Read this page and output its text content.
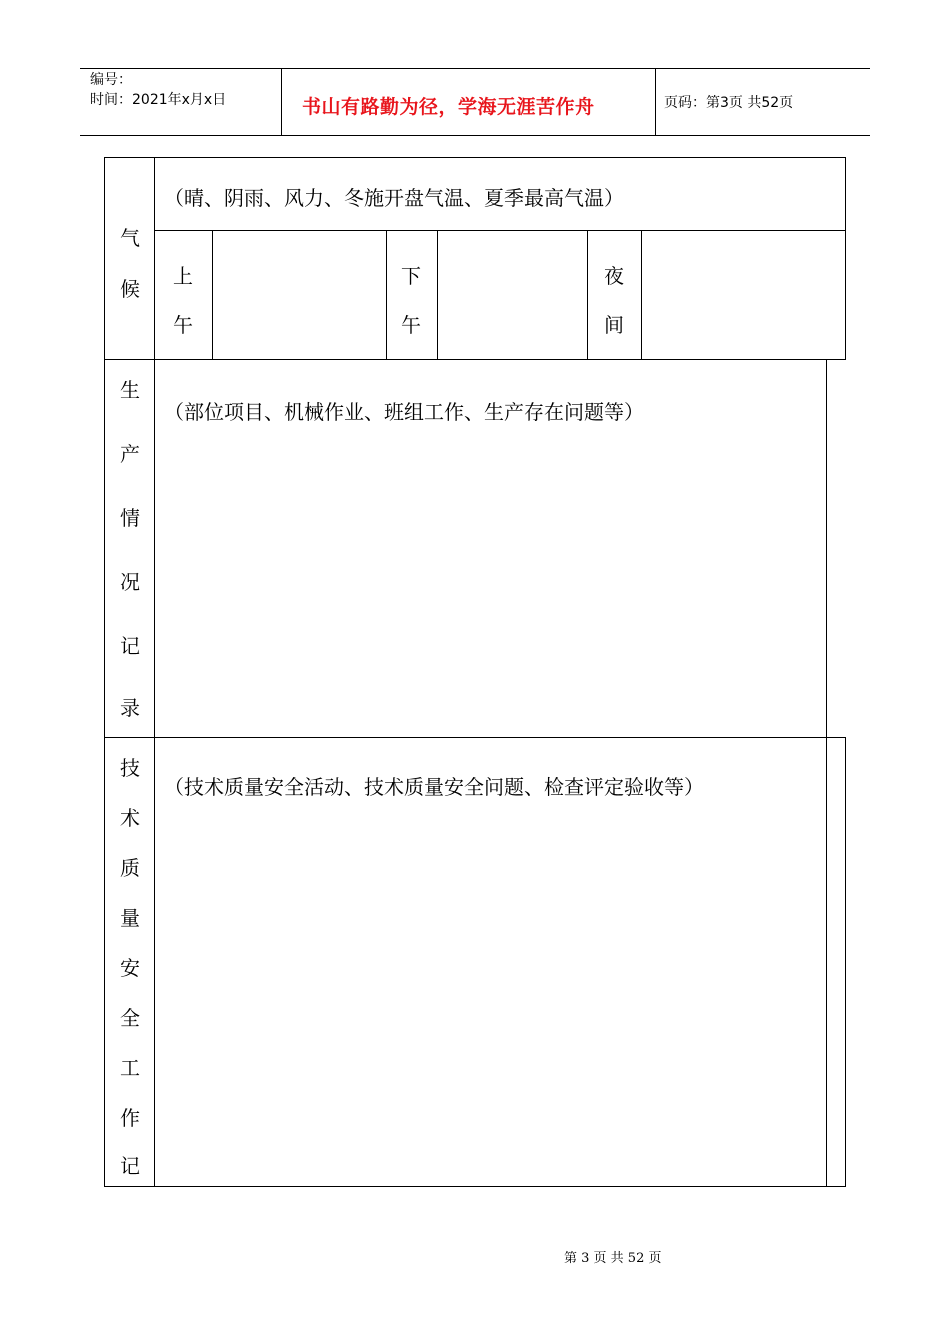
编号：
时间：2021年x月x日	书山有路勤为径，学海无涯苦作舟	页码：第3页 共52页
气
候
（晴、阴雨、风力、冬施开盘气温、夏季最高气温）
上
午
下
午
夜
间
生
产
情
况
记
录
（部位项目、机械作业、班组工作、生产存在问题等）
技
术
质
量
安
全
工
作
记
（技术质量安全活动、技术质量安全问题、检查评定验收等）
第 3 页 共 52 页
